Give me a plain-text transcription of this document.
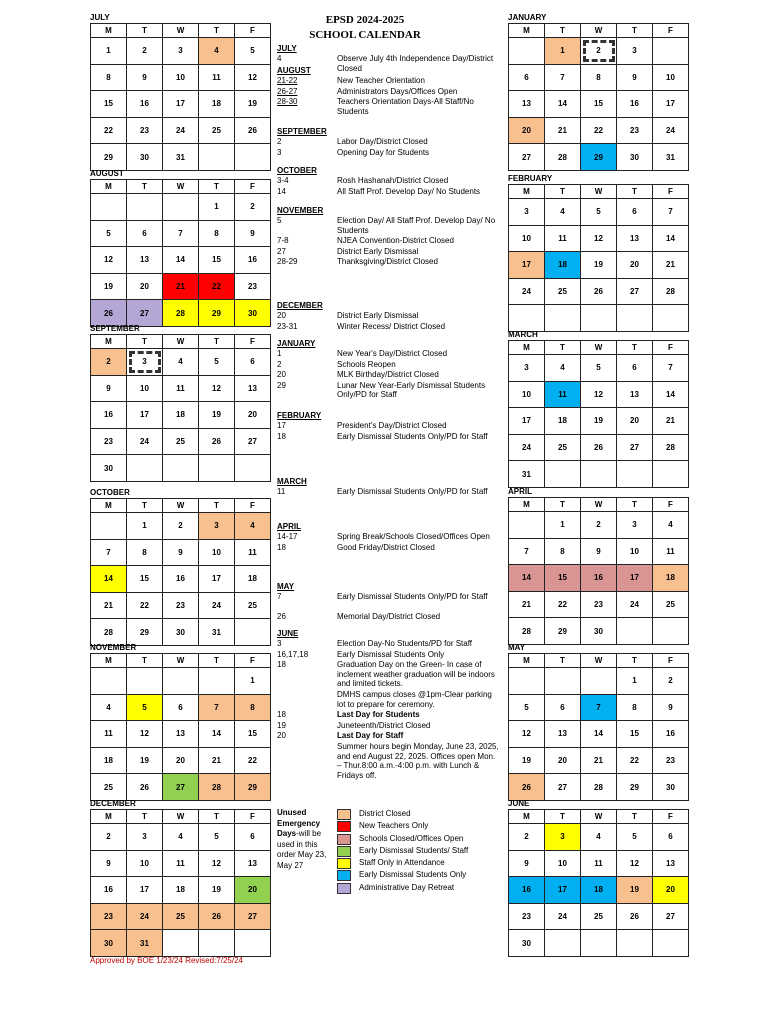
EPSD 2024-2025
SCHOOL CALENDAR
JULY
M	T	W	T	F
1	2	3	4	5
8	9	10	11	12
15	16	17	18	19
22	23	24	25	26
29	30	31		
AUGUST
M	T	W	T	F
			1	2
5	6	7	8	9
12	13	14	15	16
19	20	21	22	23
26	27	28	29	30
SEPTEMBER
M	T	W	T	F
2	3	4	5	6
9	10	11	12	13
16	17	18	19	20
23	24	25	26	27
30				
OCTOBER
M	T	W	T	F
	1	2	3	4
7	8	9	10	11
14	15	16	17	18
21	22	23	24	25
28	29	30	31	
NOVEMBER
M	T	W	T	F
				1
4	5	6	7	8
11	12	13	14	15
18	19	20	21	22
25	26	27	28	29
DECEMBER
M	T	W	T	F
2	3	4	5	6
9	10	11	12	13
16	17	18	19	20
23	24	25	26	27
30	31			
JANUARY
M	T	W	T	F
	1	2	3	
6	7	8	9	10
13	14	15	16	17
20	21	22	23	24
27	28	29	30	31
FEBRUARY
M	T	W	T	F
3	4	5	6	7
10	11	12	13	14
17	18	19	20	21
24	25	26	27	28

MARCH
M	T	W	T	F
3	4	5	6	7
10	11	12	13	14
17	18	19	20	21
24	25	26	27	28
31				
APRIL
M	T	W	T	F
	1	2	3	4
7	8	9	10	11
14	15	16	17	18
21	22	23	24	25
28	29	30		
MAY
M	T	W	T	F
			1	2
5	6	7	8	9
12	13	14	15	16
19	20	21	22	23
26	27	28	29	30
JUNE
M	T	W	T	F
2	3	4	5	6
9	10	11	12	13
16	17	18	19	20
23	24	25	26	27
30				
JULY
4	Observe July 4th Independence Day/District Closed
AUGUST
21-22	New Teacher Orientation
26-27	Administrators Days/Offices Open
28-30	Teachers Orientation Days-All Staff/No Students
SEPTEMBER
2	Labor Day/District Closed
3	Opening Day for Students
OCTOBER
3-4	Rosh Hashanah/District Closed
14	All Staff Prof. Develop Day/ No Students
NOVEMBER
5	Election Day/ All Staff Prof. Develop Day/ No Students
7-8	NJEA Convention-District Closed
27	District Early Dismissal
28-29	Thanksgiving/District Closed
DECEMBER
20	District Early Dismissal
23-31	Winter Recess/ District Closed
JANUARY
1	New Year's Day/District Closed
2	Schools Reopen
20	MLK Birthday/District Closed
29	Lunar New Year-Early Dismissal Students Only/PD for Staff
FEBRUARY
17	President's Day/District Closed
18	Early Dismissal Students Only/PD for Staff
MARCH
11	Early Dismissal Students Only/PD for Staff
APRIL
14-17	Spring Break/Schools Closed/Offices Open
18	Good Friday/District Closed
MAY
7	Early Dismissal Students Only/PD for Staff
26	Memorial Day/District Closed
JUNE
3	Election Day-No Students/PD for Staff
16,17,18	Early Dismissal Students Only
18	Graduation Day on the Green- In case of inclement weather graduation will be indoors and limited tickets.
DMHS campus closes @1pm-Clear parking lot to prepare for ceremony.
18	Last Day for Students
19	Juneteenth/District Closed
20	Last Day for Staff
Summer hours begin Monday, June 23, 2025, and end August 22, 2025. Offices open Mon. – Thur.8:00 a.m.-4:00 p.m. with Lunch & Fridays off.
Unused Emergency Days-will be used in this order May 23, May 27
District Closed
New Teachers Only
Schools Closed/Offices Open
Early Dismissal Students/ Staff
Staff Only in Attendance
Early Dismissal Students Only
Administrative Day Retreat
Approved by BOE 1/23/24 Revised:7/25/24
